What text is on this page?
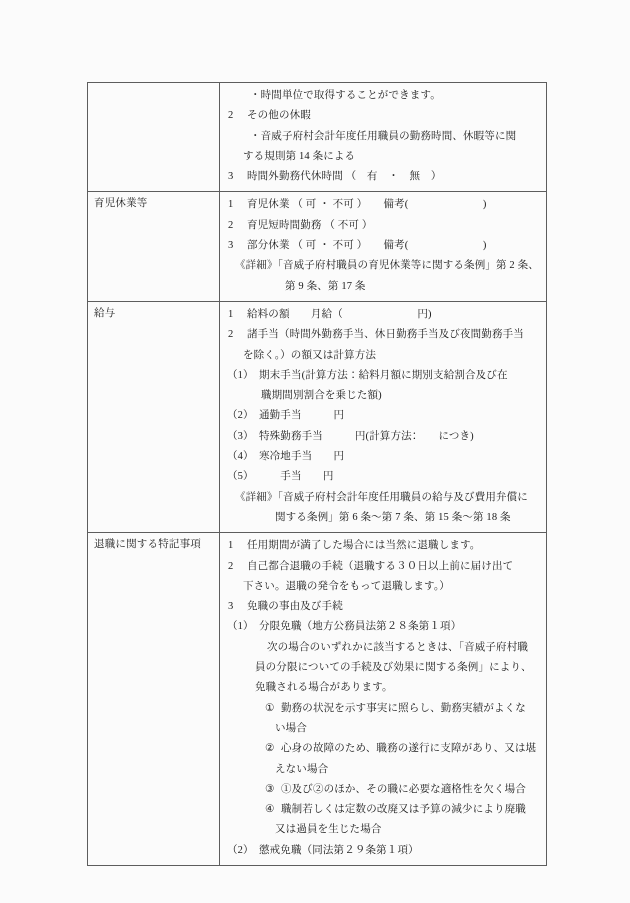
	・時間単位で取得することができます。
2 その他の休暇
・音威子府村会計年度任用職員の勤務時間、休暇等に関
する規則第 14 条による
3 時間外勤務代休時間 （　有　・　無　）

育児休業等	1 育児休業 （ 可 ・ 不可 ）　　備考(　　　　　　　)
2 育児短時間勤務 （ 不可 ）
3 部分休業 （ 可 ・ 不可 ）　　備考(　　　　　　　)
《詳細》「音威子府村職員の育児休業等に関する条例」第 2 条、
第 9 条、第 17 条

給与	1 給料の額　　月給（　　　　　　　円)
2 諸手当（時間外勤務手当、休日勤務手当及び夜間勤務手当
を除く。）の額又は計算方法
（1） 期末手当(計算方法：給料月額に期別支給割合及び在
職期間別割合を乗じた額)
（2） 通勤手当　　　円
（3） 特殊勤務手当　　　円(計算方法：　　につき)
（4） 寒冷地手当　　円
（5）　　手当　　円
《詳細》「音威子府村会計年度任用職員の給与及び費用弁償に
関する条例」第 6 条～第 7 条、第 15 条～第 18 条

退職に関する特記事項	1 任用期間が満了した場合には当然に退職します。
2 自己都合退職の手続（退職する３０日以上前に届け出て
下さい。退職の発令をもって退職します。）
3 免職の事由及び手続
（1） 分限免職（地方公務員法第２８条第１項）
次の場合のいずれかに該当するときは、「音威子府村職
員の分限についての手続及び効果に関する条例」により、
免職される場合があります。
① 勤務の状況を示す事実に照らし、勤務実績がよくな
い場合
② 心身の故障のため、職務の遂行に支障があり、又は堪
えない場合
③ ①及び②のほか、その職に必要な適格性を欠く場合
④ 職制若しくは定数の改廃又は予算の減少により廃職
又は過員を生じた場合
（2） 懲戒免職（同法第２９条第１項）
